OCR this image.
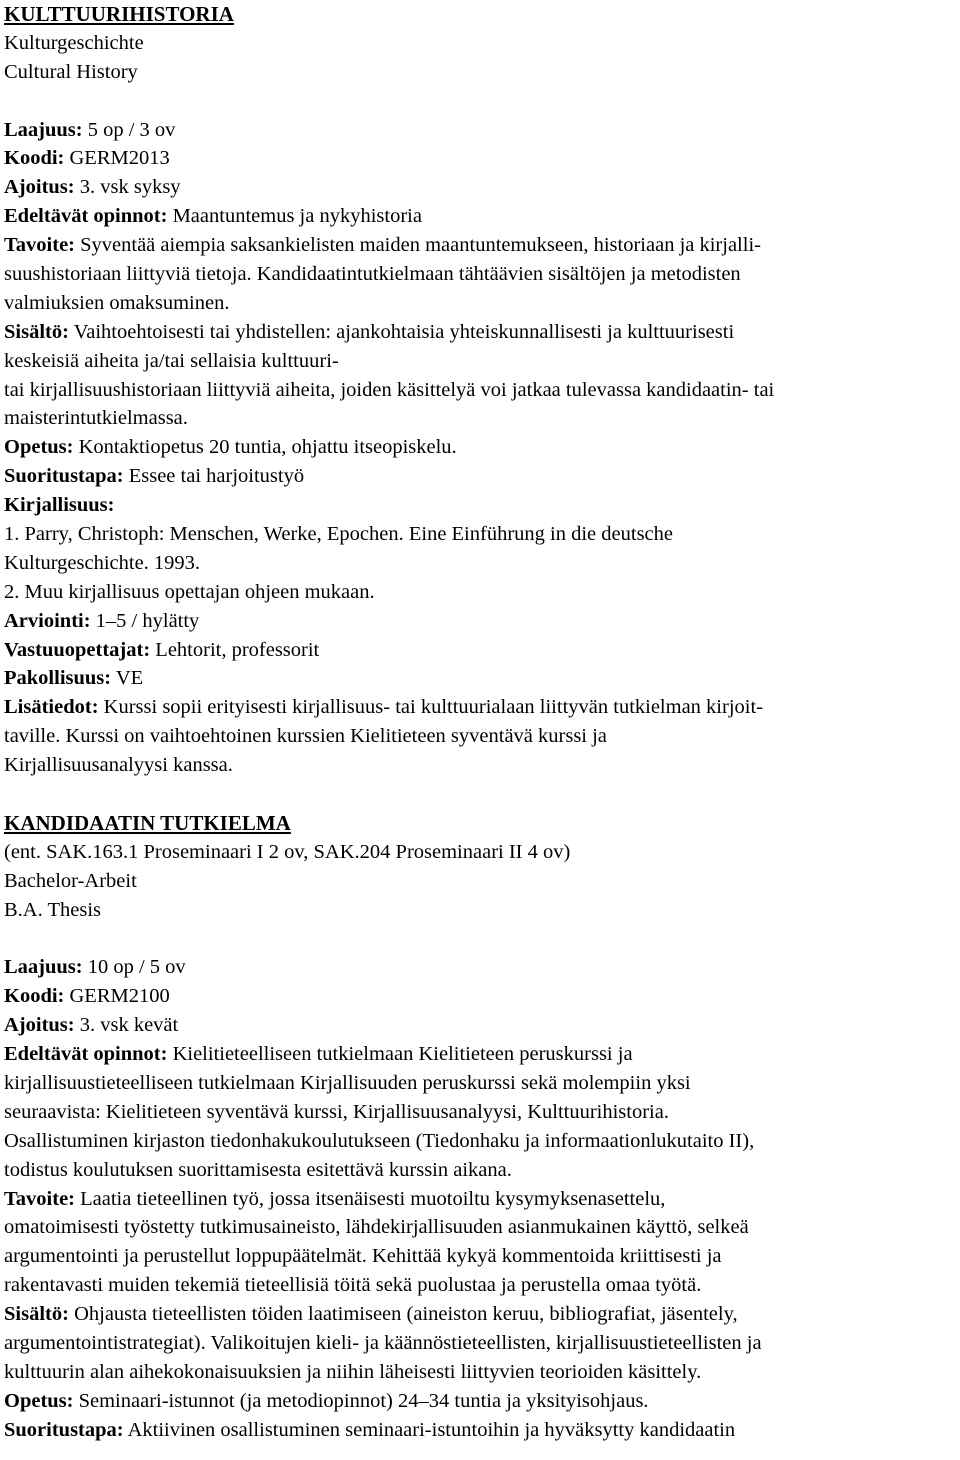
KULTTUURIHISTORIA
Kulturgeschichte
Cultural History
Laajuus: 5 op / 3 ov
Koodi: GERM2013
Ajoitus: 3. vsk syksy
Edeltävät opinnot: Maantuntemus ja nykyhistoria
Tavoite: Syventää aiempia saksankielisten maiden maantuntemukseen, historiaan ja kirjalli-
suushistoriaan liittyviä tietoja. Kandidaatintutkielmaan tähtäävien sisältöjen ja metodisten
valmiuksien omaksuminen.
Sisältö: Vaihtoehtoisesti tai yhdistellen: ajankohtaisia yhteiskunnallisesti ja kulttuurisesti
keskeisiä aiheita ja/tai sellaisia kulttuuri-
tai kirjallisuushistoriaan liittyviä aiheita, joiden käsittelyä voi jatkaa tulevassa kandidaatin- tai
maisterintutkielmassa.
Opetus: Kontaktiopetus 20 tuntia, ohjattu itseopiskelu.
Suoritustapa: Essee tai harjoitustyö
Kirjallisuus:
1. Parry, Christoph: Menschen, Werke, Epochen. Eine Einführung in die deutsche
Kulturgeschichte. 1993.
2. Muu kirjallisuus opettajan ohjeen mukaan.
Arviointi: 1–5 / hylätty
Vastuuopettajat: Lehtorit, professorit
Pakollisuus: VE
Lisätiedot: Kurssi sopii erityisesti kirjallisuus- tai kulttuurialaan liittyvän tutkielman kirjoit-
taville. Kurssi on vaihtoehtoinen kurssien Kielitieteen syventävä kurssi ja
Kirjallisuusanalyysi kanssa.
KANDIDAATIN TUTKIELMA
(ent. SAK.163.1 Proseminaari I 2 ov, SAK.204 Proseminaari II 4 ov)
Bachelor-Arbeit
B.A. Thesis
Laajuus: 10 op / 5 ov
Koodi: GERM2100
Ajoitus: 3. vsk kevät
Edeltävät opinnot: Kielitieteelliseen tutkielmaan Kielitieteen peruskurssi ja
kirjallisuustieteelliseen tutkielmaan Kirjallisuuden peruskurssi sekä molempiin yksi
seuraavista: Kielitieteen syventävä kurssi, Kirjallisuusanalyysi, Kulttuurihistoria.
Osallistuminen kirjaston tiedonhakukoulutukseen (Tiedonhaku ja informaationlukutaito II),
todistus koulutuksen suorittamisesta esitettävä kurssin aikana.
Tavoite: Laatia tieteellinen työ, jossa itsenäisesti muotoiltu kysymyksenasettelu,
omatoimisesti työstetty tutkimusaineisto, lähdekirjallisuuden asianmukainen käyttö, selkeä
argumentointi ja perustellut loppupäätelmät. Kehittää kykyä kommentoida kriittisesti ja
rakentavasti muiden tekemiä tieteellisiä töitä sekä puolustaa ja perustella omaa työtä.
Sisältö: Ohjausta tieteellisten töiden laatimiseen (aineiston keruu, bibliografiat, jäsentely,
argumentointistrategiat). Valikoitujen kieli- ja käännöstieteellisten, kirjallisuustieteellisten ja
kulttuurin alan aihekokonaisuuksien ja niihin läheisesti liittyvien teorioiden käsittely.
Opetus: Seminaari-istunnot (ja metodiopinnot) 24–34 tuntia ja yksityisohjaus.
Suoritustapa: Aktiivinen osallistuminen seminaari-istuntoihin ja hyväksytty kandidaatin
